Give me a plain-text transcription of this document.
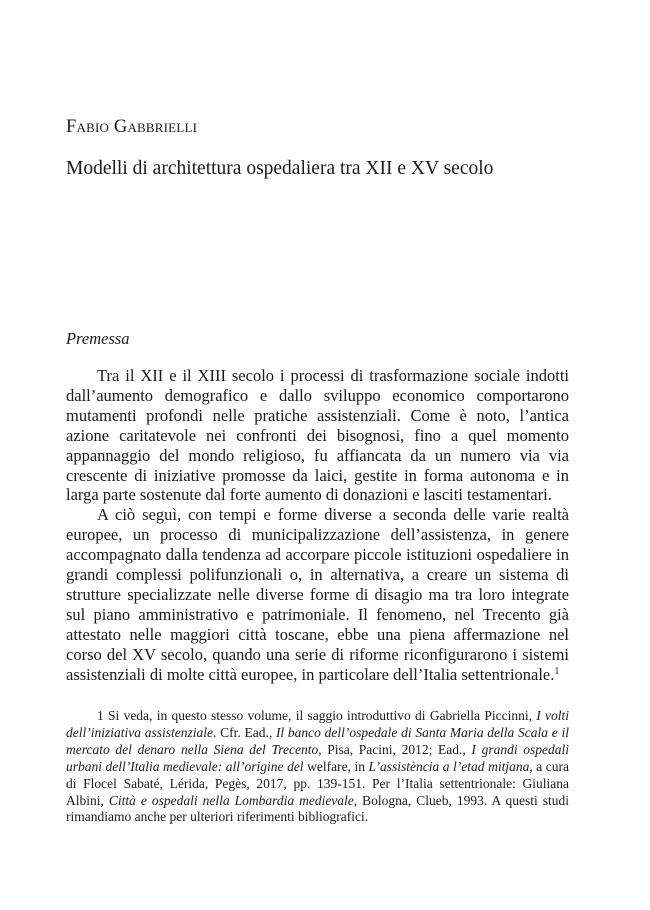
Fabio Gabbrielli
Modelli di architettura ospedaliera tra XII e XV secolo
Premessa

Tra il XII e il XIII secolo i processi di trasformazione sociale indotti dall’aumento demografico e dallo sviluppo economico comportarono mutamenti profondi nelle pratiche assistenziali. Come è noto, l’antica azione caritatevole nei confronti dei bisognosi, fino a quel momento appannaggio del mondo religioso, fu affiancata da un numero via via crescente di iniziative promosse da laici, gestite in forma autonoma e in larga parte sostenute dal forte aumento di donazioni e lasciti testamentari.

A ciò seguì, con tempi e forme diverse a seconda delle varie realtà europee, un processo di municipalizzazione dell’assistenza, in genere accompagnato dalla tendenza ad accorpare piccole istituzioni ospedaliere in grandi complessi polifunzionali o, in alternativa, a creare un sistema di strutture specializzate nelle diverse forme di disagio ma tra loro integrate sul piano amministrativo e patrimoniale. Il fenomeno, nel Trecento già attestato nelle maggiori città toscane, ebbe una piena affermazione nel corso del XV secolo, quando una serie di riforme riconfigurarono i sistemi assistenziali di molte città europee, in particolare dell’Italia settentrionale.$^1$

1 Si veda, in questo stesso volume, il saggio introduttivo di Gabriella Piccinni, I volti dell’iniziativa assistenziale. Cfr. Ead., Il banco dell’ospedale di Santa Maria della Scala e il mercato del denaro nella Siena del Trecento, Pisa, Pacini, 2012; Ead., I grandi ospedali urbani dell’Italia medievale: all’origine del welfare, in L’assistència a l’etad mitjana, a cura di Flocel Sabaté, Lérida, Pegès, 2017, pp. 139-151. Per l’Italia settentrionale: Giuliana Albini, Città e ospedali nella Lombardia medievale, Bologna, Clueb, 1993. A questi studi rimandiamo anche per ulteriori riferimenti bibliografici.
